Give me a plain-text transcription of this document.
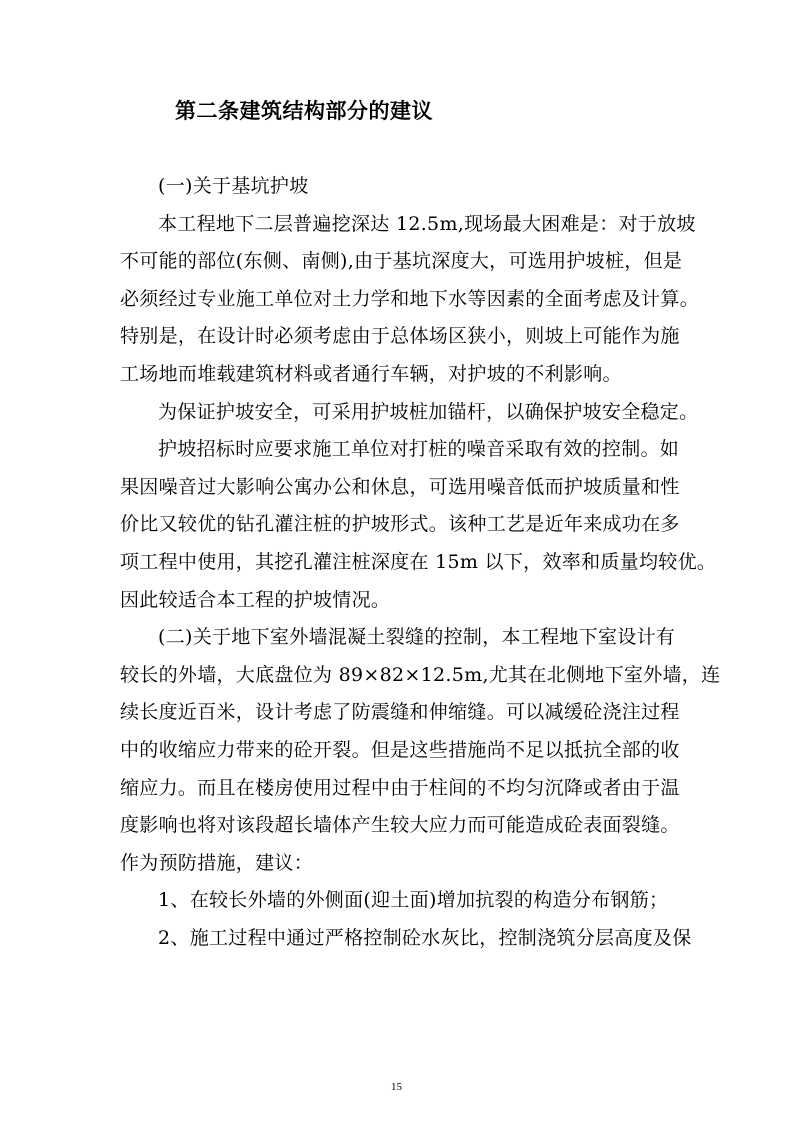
第二条建筑结构部分的建议
(一)关于基坑护坡
本工程地下二层普遍挖深达 12.5m,现场最大困难是：对于放坡
不可能的部位(东侧、南侧),由于基坑深度大，可选用护坡桩，但是
必须经过专业施工单位对土力学和地下水等因素的全面考虑及计算。
特别是，在设计时必须考虑由于总体场区狭小，则坡上可能作为施
工场地而堆载建筑材料或者通行车辆，对护坡的不利影响。
为保证护坡安全，可采用护坡桩加锚杆，以确保护坡安全稳定。
护坡招标时应要求施工单位对打桩的噪音采取有效的控制。如
果因噪音过大影响公寓办公和休息，可选用噪音低而护坡质量和性
价比又较优的钻孔灌注桩的护坡形式。该种工艺是近年来成功在多
项工程中使用，其挖孔灌注桩深度在 15m 以下，效率和质量均较优。
因此较适合本工程的护坡情况。
(二)关于地下室外墙混凝土裂缝的控制，本工程地下室设计有
较长的外墙，大底盘位为 89×82×12.5m,尤其在北侧地下室外墙，连
续长度近百米，设计考虑了防震缝和伸缩缝。可以减缓砼浇注过程
中的收缩应力带来的砼开裂。但是这些措施尚不足以抵抗全部的收
缩应力。而且在楼房使用过程中由于柱间的不均匀沉降或者由于温
度影响也将对该段超长墙体产生较大应力而可能造成砼表面裂缝。
作为预防措施，建议：
1、在较长外墙的外侧面(迎土面)增加抗裂的构造分布钢筋；
2、施工过程中通过严格控制砼水灰比，控制浇筑分层高度及保
15
